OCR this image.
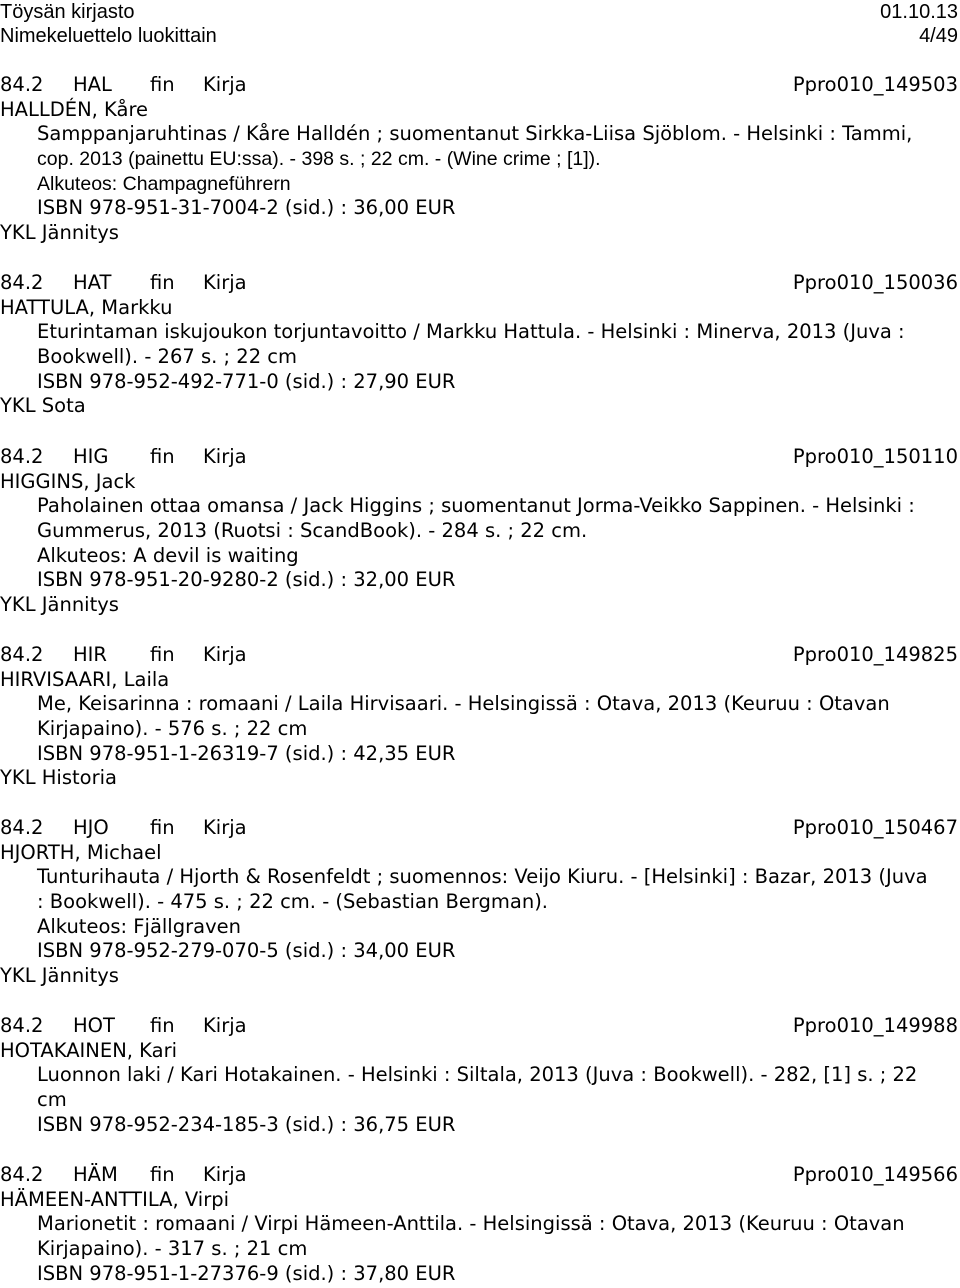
Töysän kirjasto	01.10.13
Nimekeluettelo luokittain	4/49
84.2	HAL	fin	Kirja	Ppro010_149503
HALLDÉN, Kåre
Samppanjaruhtinas / Kåre Halldén ; suomentanut Sirkka-Liisa Sjöblom. - Helsinki : Tammi,
cop. 2013 (painettu EU:ssa). - 398 s. ; 22 cm. - (Wine crime ; [1]).
Alkuteos: Champagneführern
ISBN 978-951-31-7004-2 (sid.) : 36,00 EUR
YKL Jännitys
84.2	HAT	fin	Kirja	Ppro010_150036
HATTULA, Markku
Eturintaman iskujoukon torjuntavoitto / Markku Hattula. - Helsinki : Minerva, 2013 (Juva :
Bookwell). - 267 s. ; 22 cm
ISBN 978-952-492-771-0 (sid.) : 27,90 EUR
YKL Sota
84.2	HIG	fin	Kirja	Ppro010_150110
HIGGINS, Jack
Paholainen ottaa omansa / Jack Higgins ; suomentanut Jorma-Veikko Sappinen. - Helsinki :
Gummerus, 2013 (Ruotsi : ScandBook). - 284 s. ; 22 cm.
Alkuteos: A devil is waiting
ISBN 978-951-20-9280-2 (sid.) : 32,00 EUR
YKL Jännitys
84.2	HIR	fin	Kirja	Ppro010_149825
HIRVISAARI, Laila
Me, Keisarinna : romaani / Laila Hirvisaari. - Helsingissä : Otava, 2013 (Keuruu : Otavan
Kirjapaino). - 576 s. ; 22 cm
ISBN 978-951-1-26319-7 (sid.) : 42,35 EUR
YKL Historia
84.2	HJO	fin	Kirja	Ppro010_150467
HJORTH, Michael
Tunturihauta / Hjorth & Rosenfeldt ; suomennos: Veijo Kiuru. - [Helsinki] : Bazar, 2013 (Juva
: Bookwell). - 475 s. ; 22 cm. - (Sebastian Bergman).
Alkuteos: Fjällgraven
ISBN 978-952-279-070-5 (sid.) : 34,00 EUR
YKL Jännitys
84.2	HOT	fin	Kirja	Ppro010_149988
HOTAKAINEN, Kari
Luonnon laki / Kari Hotakainen. - Helsinki : Siltala, 2013 (Juva : Bookwell). - 282, [1] s. ; 22
cm
ISBN 978-952-234-185-3 (sid.) : 36,75 EUR
84.2	HÄM	fin	Kirja	Ppro010_149566
HÄMEEN-ANTTILA, Virpi
Marionetit : romaani / Virpi Hämeen-Anttila. - Helsingissä : Otava, 2013 (Keuruu : Otavan
Kirjapaino). - 317 s. ; 21 cm
ISBN 978-951-1-27376-9 (sid.) : 37,80 EUR
